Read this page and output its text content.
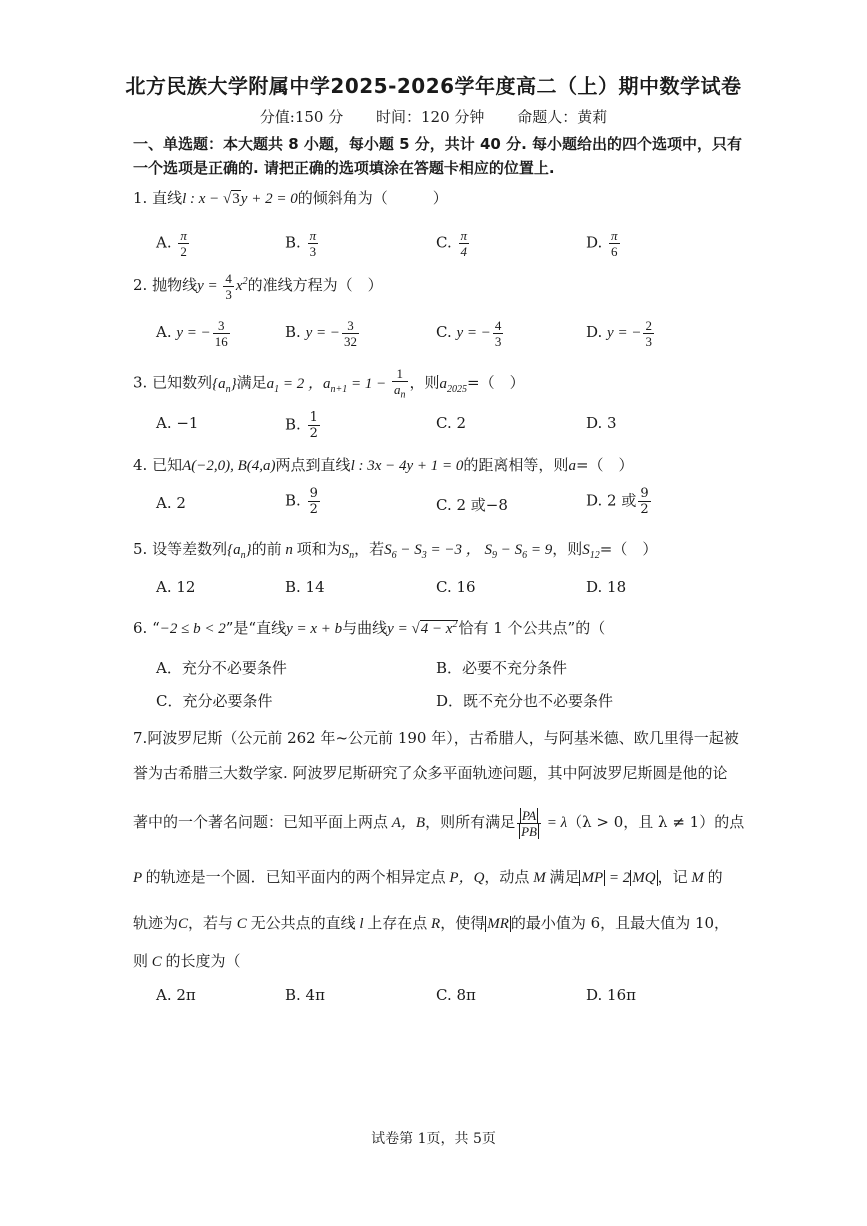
北方民族大学附属中学2025-2026学年度高二（上）期中数学试卷
分值:150 分 时间：120 分钟 命题人：黄莉
一、单选题：本大题共 8 小题，每小题 5 分，共计 40 分. 每小题给出的四个选项中，只有一个选项是正确的. 请把正确的选项填涂在答题卡相应的位置上.
1. 直线l : x − √3y + 2 = 0的倾斜角为（　　　）
A. $\frac{\pi}{2}$	B. $\frac{\pi}{3}$	C. $\frac{\pi}{4}$	D. $\frac{\pi}{6}$
2. 抛物线$y = \frac{4}{3} x^2$的准线方程为（　）
A. y = − $\frac{3}{16}$	B. y = − $\frac{3}{32}$	C. y = − $\frac{4}{3}$	D. y = − $\frac{2}{3}$
3. 已知数列$\{a_n\}$满足$a_1 = 2$ ，$a_{n+1} = 1 - \frac{1}{a_n}$ ，则$a_{2025}=$（　）
A. −1	B. $\frac{1}{2}$	C. 2	D. 3
4. 已知A(−2,0), B(4,a)两点到直线l : 3x − 4y + 1 = 0的距离相等，则a=（　）
A. 2	B. $\frac{9}{2}$	C. 2 或−8	D. 2 或 $\frac{9}{2}$
5. 设等差数列$\{a_n\}$的前 n 项和为$S_n$，若$S_6 - S_3 = -3$ ， $S_9 - S_6 = 9$，则$S_{12}=$（　）
A. 12	B. 14	C. 16	D. 18
6. “−2 ≤ b < 2”是“直线y = x + b与曲线$y = √4 - x^2$恰有 1 个公共点”的（
A．充分不必要条件	B．必要不充分条件
C．充分必要条件	D．既不充分也不必要条件
7.阿波罗尼斯（公元前 262 年~公元前 190 年），古希腊人，与阿基米德、欧几里得一起被
誉为古希腊三大数学家. 阿波罗尼斯研究了众多平面轨迹问题，其中阿波罗尼斯圆是他的论
著中的一个著名问题：已知平面上两点 A，B，则所有满足 $\frac{PA}{PB} = \lambda(\lambda > 0$，且 λ ≠ 1）的点
P 的轨迹是一个圆．已知平面内的两个相异定点 P，Q，动点 M 满足 MP = 2 MQ ，记 M 的
轨迹为C，若与 C 无公共点的直线 l 上存在点 R，使得 MR 的最小值为 6，且最大值为 10，
则 C 的长度为（
A. 2π	B. 4π	C. 8π	D. 16π
试卷第 1页，共 5页
